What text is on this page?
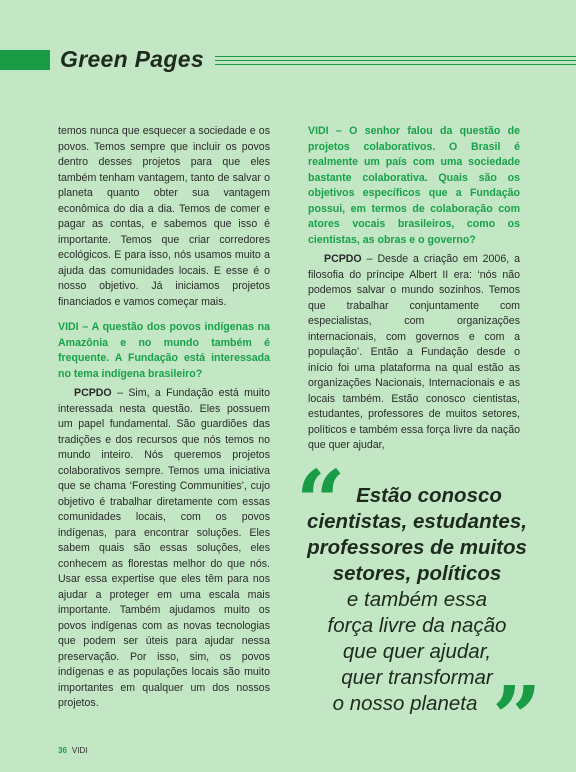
Green Pages

temos nunca que esquecer a sociedade e os povos. Temos sempre que incluir os povos dentro desses projetos para que eles também tenham vantagem, tanto de salvar o planeta quanto obter sua vantagem econômica do dia a dia. Temos de comer e pagar as contas, e sabemos que isso é importante. Temos que criar corredores ecológicos. E para isso, nós usamos muito a ajuda das comunidades locais. E esse é o nosso objetivo. Já iniciamos projetos financiados e vamos começar mais.

VIDI – A questão dos povos indígenas na Amazônia e no mundo também é frequente. A Fundação está interessada no tema indígena brasileiro?

PCPDO – Sim, a Fundação está muito interessada nesta questão. Eles possuem um papel fundamental. São guardiões das tradições e dos recursos que nós temos no mundo inteiro. Nós queremos projetos colaborativos sempre. Temos uma iniciativa que se chama ‘Foresting Communities’, cujo objetivo é trabalhar diretamente com essas comunidades locais, com os povos indígenas, para encontrar soluções. Eles sabem quais são essas soluções, eles conhecem as florestas melhor do que nós. Usar essa expertise que eles têm para nos ajudar a proteger em uma escala mais importante. Também ajudamos muito os povos indígenas com as novas tecnologias que podem ser úteis para ajudar nessa preservação. Por isso, sim, os povos indígenas e as populações locais são muito importantes em qualquer um dos nossos projetos.

VIDI – O senhor falou da questão de projetos colaborativos. O Brasil é realmente um país com uma sociedade bastante colaborativa. Quais são os objetivos específicos que a Fundação possui, em termos de colaboração com atores vocais brasileiros, como os cientistas, as obras e o governo?

PCPDO – Desde a criação em 2006, a filosofia do príncipe Albert II era: ‘nós não podemos salvar o mundo sozinhos. Temos que trabalhar conjuntamente com especialistas, com organizações internacionais, com governos e com a população’. Então a Fundação desde o início foi uma plataforma na qual estão as organizações Nacionais, Internacionais e as locais também. Estão conosco cientistas, estudantes, professores de muitos setores, políticos e também essa força livre da nação que quer ajudar,

“ Estão conosco
cientistas, estudantes,
professores de muitos
setores, políticos
e também essa
força livre da nação
que quer ajudar,
quer transformar
o nosso planeta ”
36 VIDI
